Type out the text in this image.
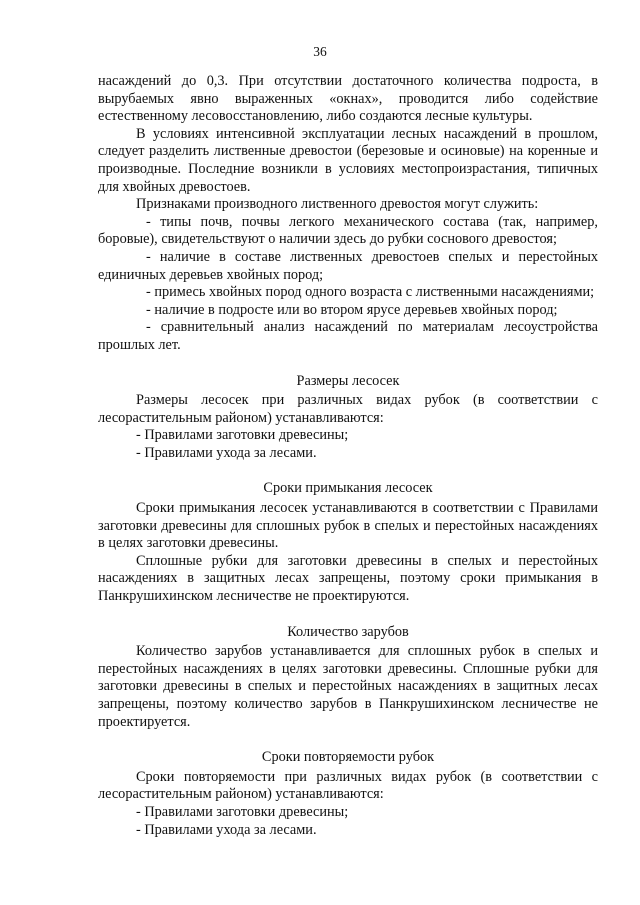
36

насаждений до 0,3. При отсутствии достаточного количества подроста, в вырубаемых явно выраженных «окнах», проводится либо содействие естественному лесовосстановлению, либо создаются лесные культуры.

В условиях интенсивной эксплуатации лесных насаждений в прошлом, следует разделить лиственные древостои (березовые и осиновые) на коренные и производные. Последние возникли в условиях местопроизрастания, типичных для хвойных древостоев.

Признаками производного лиственного древостоя могут служить:

- типы почв, почвы легкого механического состава (так, например, боровые), свидетельствуют о наличии здесь до рубки соснового древостоя;

- наличие в составе лиственных древостоев спелых и перестойных единичных деревьев хвойных пород;

- примесь хвойных пород одного возраста с лиственными насаждениями;

- наличие в подросте или во втором ярусе деревьев хвойных пород;

- сравнительный анализ насаждений по материалам лесоустройства прошлых лет.

Размеры лесосек

Размеры лесосек при различных видах рубок (в соответствии с лесорастительным районом) устанавливаются:

- Правилами заготовки древесины;

- Правилами ухода за лесами.

Сроки примыкания лесосек

Сроки примыкания лесосек устанавливаются в соответствии с Правилами заготовки древесины для сплошных рубок в спелых и перестойных насаждениях в целях заготовки древесины.

Сплошные рубки для заготовки древесины в спелых и перестойных насаждениях в защитных лесах запрещены, поэтому сроки примыкания в Панкрушихинском лесничестве не проектируются.

Количество зарубов

Количество зарубов устанавливается для сплошных рубок в спелых и перестойных насаждениях в целях заготовки древесины. Сплошные рубки для заготовки древесины в спелых и перестойных насаждениях в защитных лесах запрещены, поэтому количество зарубов в Панкрушихинском лесничестве не проектируется.

Сроки повторяемости рубок

Сроки повторяемости при различных видах рубок (в соответствии с лесорастительным районом) устанавливаются:

- Правилами заготовки древесины;

- Правилами ухода за лесами.
